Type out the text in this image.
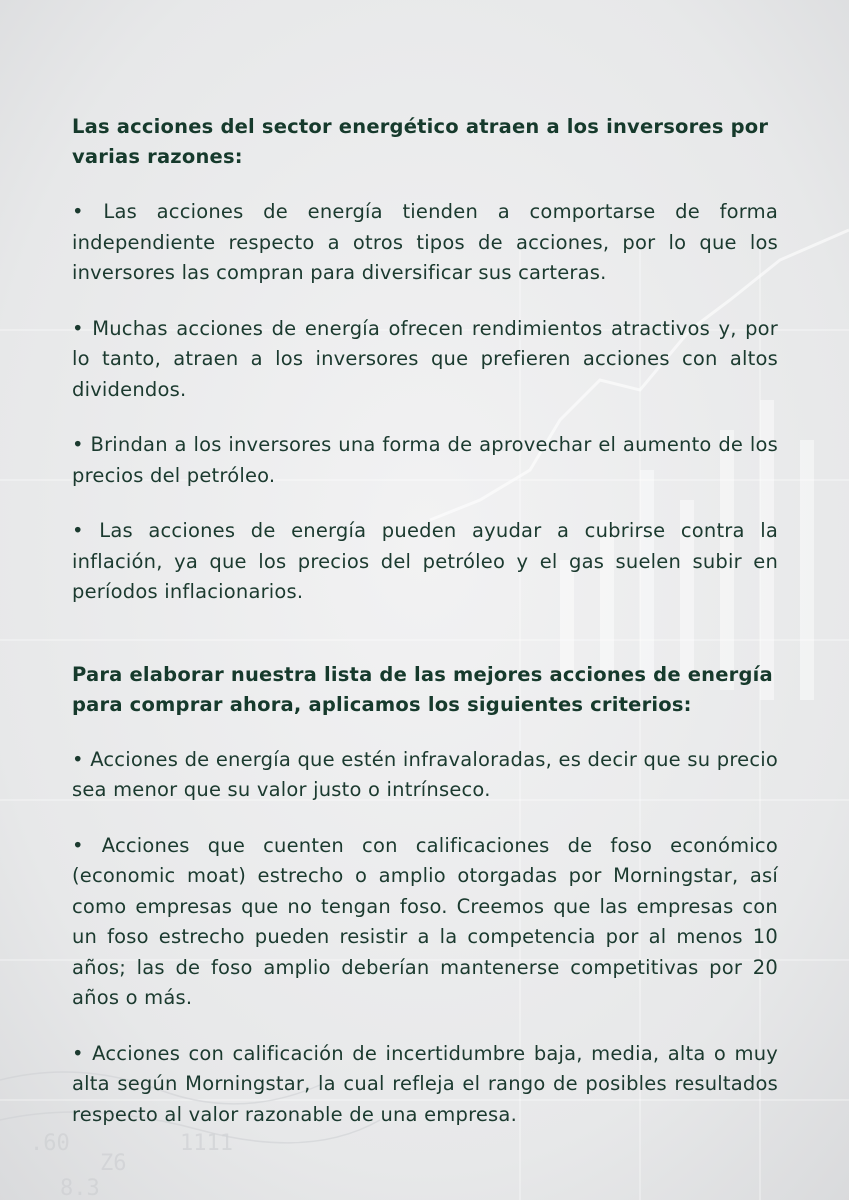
.60
Z6
1111
8.3

Las acciones del sector energético atraen a los inversores por varias razones:

• Las acciones de energía tienden a comportarse de forma independiente respecto a otros tipos de acciones, por lo que los inversores las compran para diversificar sus carteras.

• Muchas acciones de energía ofrecen rendimientos atractivos y, por lo tanto, atraen a los inversores que prefieren acciones con altos dividendos.

• Brindan a los inversores una forma de aprovechar el aumento de los precios del petróleo.

• Las acciones de energía pueden ayudar a cubrirse contra la inflación, ya que los precios del petróleo y el gas suelen subir en períodos inflacionarios.

Para elaborar nuestra lista de las mejores acciones de energía para comprar ahora, aplicamos los siguientes criterios:

• Acciones de energía que estén infravaloradas, es decir que su precio sea menor que su valor justo o intrínseco.

• Acciones que cuenten con calificaciones de foso económico (economic moat) estrecho o amplio otorgadas por Morningstar, así como empresas que no tengan foso. Creemos que las empresas con un foso estrecho pueden resistir a la competencia por al menos 10 años; las de foso amplio deberían mantenerse competitivas por 20 años o más.

• Acciones con calificación de incertidumbre baja, media, alta o muy alta según Morningstar, la cual refleja el rango de posibles resultados respecto al valor razonable de una empresa.
